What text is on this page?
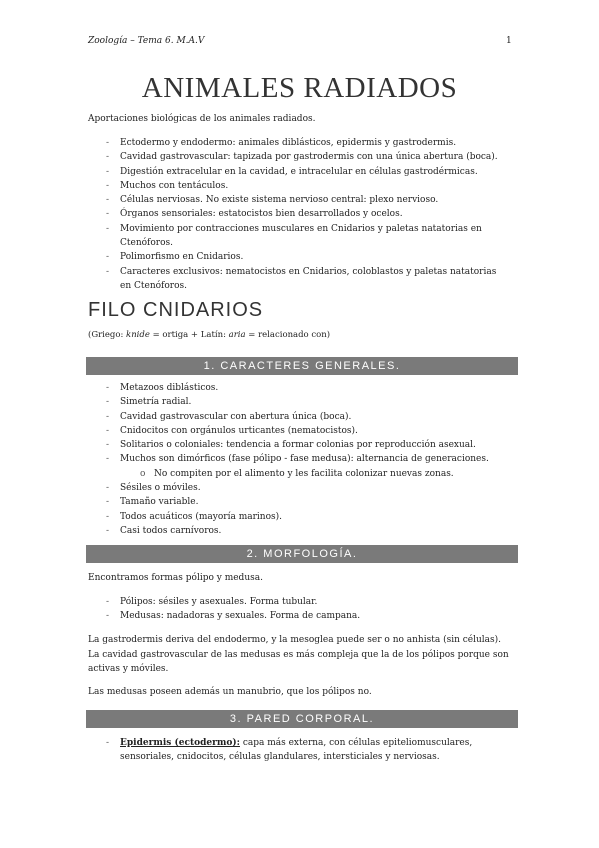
Zoología – Tema 6. M.A.V	1
ANIMALES RADIADOS
Aportaciones biológicas de los animales radiados.
- Ectodermo y endodermo: animales diblásticos, epidermis y gastrodermis.
- Cavidad gastrovascular: tapizada por gastrodermis con una única abertura (boca).
- Digestión extracelular en la cavidad, e intracelular en células gastrodérmicas.
- Muchos con tentáculos.
- Células nerviosas. No existe sistema nervioso central: plexo nervioso.
- Órganos sensoriales: estatocistos bien desarrollados y ocelos.
- Movimiento por contracciones musculares en Cnidarios y paletas natatorias en Ctenóforos.
- Polimorfismo en Cnidarios.
- Caracteres exclusivos: nematocistos en Cnidarios, coloblastos y paletas natatorias en Ctenóforos.
FILO CNIDARIOS
(Griego: knide = ortiga + Latín: aria = relacionado con)
1. CARACTERES GENERALES.
- Metazoos diblásticos.
- Simetría radial.
- Cavidad gastrovascular con abertura única (boca).
- Cnidocitos con orgánulos urticantes (nematocistos).
- Solitarios o coloniales: tendencia a formar colonias por reproducción asexual.
- Muchos son dimórficos (fase pólipo - fase medusa): alternancia de generaciones.
o No compiten por el alimento y les facilita colonizar nuevas zonas.
- Sésiles o móviles.
- Tamaño variable.
- Todos acuáticos (mayoría marinos).
- Casi todos carnívoros.
2. MORFOLOGÍA.
Encontramos formas pólipo y medusa.
- Pólipos: sésiles y asexuales. Forma tubular.
- Medusas: nadadoras y sexuales. Forma de campana.
La gastrodermis deriva del endodermo, y la mesoglea puede ser o no anhista (sin células).
La cavidad gastrovascular de las medusas es más compleja que la de los pólipos porque son activas y móviles.
Las medusas poseen además un manubrio, que los pólipos no.
3. PARED CORPORAL.
- Epidermis (ectodermo): capa más externa, con células epiteliomusculares, sensoriales, cnidocitos, células glandulares, intersticiales y nerviosas.
